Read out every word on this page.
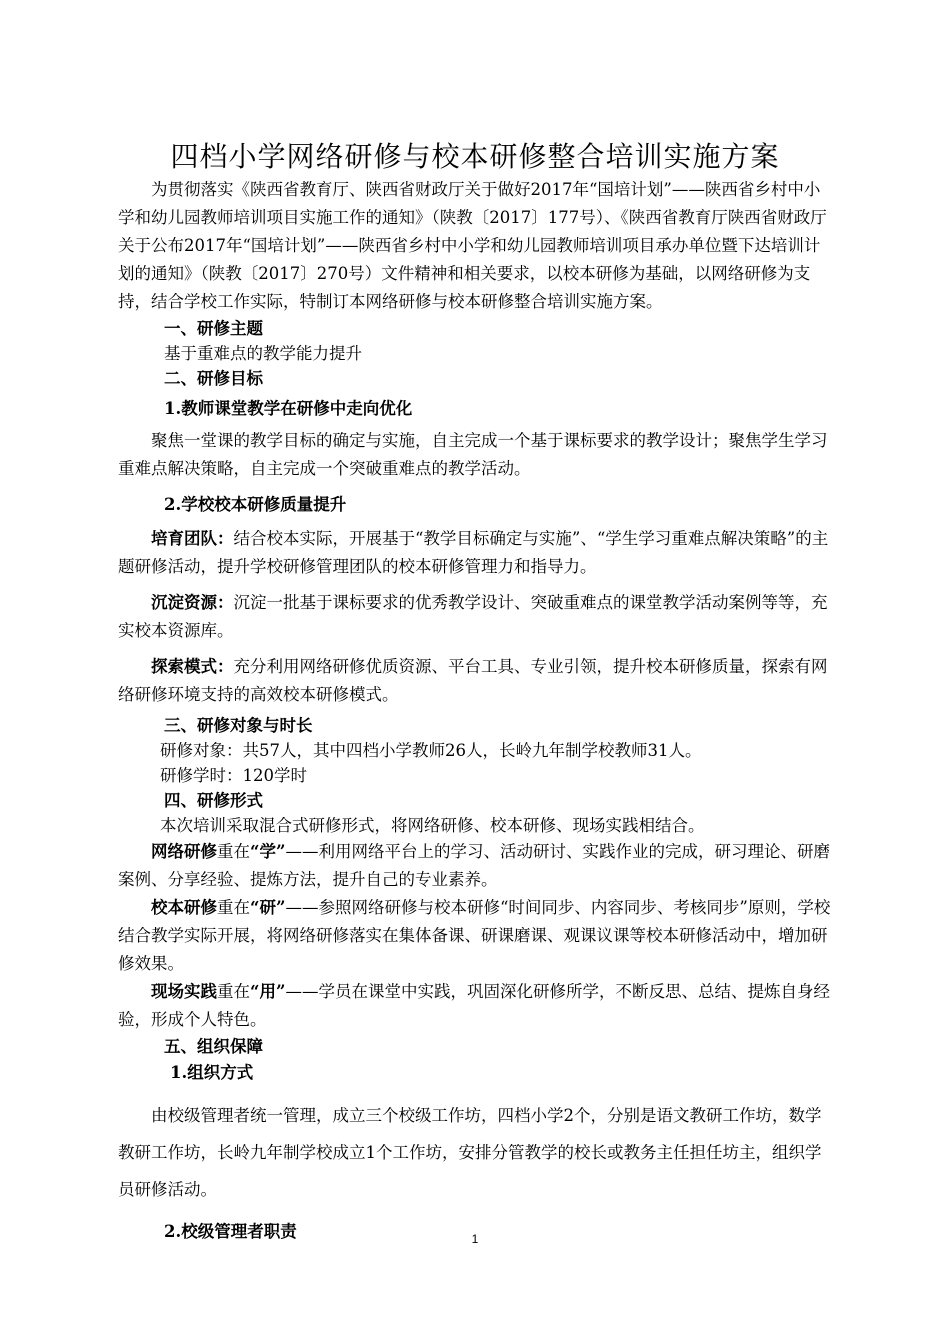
四档小学网络研修与校本研修整合培训实施方案

为贯彻落实《陕西省教育厅、陕西省财政厅关于做好2017年“国培计划”——陕西省乡村中小学和幼儿园教师培训项目实施工作的通知》（陕教〔2017〕177号）、《陕西省教育厅陕西省财政厅关于公布2017年“国培计划”——陕西省乡村中小学和幼儿园教师培训项目承办单位暨下达培训计划的通知》（陕教〔2017〕270号）文件精神和相关要求，以校本研修为基础，以网络研修为支持，结合学校工作实际，特制订本网络研修与校本研修整合培训实施方案。

一、研修主题

基于重难点的教学能力提升

二、研修目标

1.教师课堂教学在研修中走向优化

聚焦一堂课的教学目标的确定与实施，自主完成一个基于课标要求的教学设计；聚焦学生学习重难点解决策略，自主完成一个突破重难点的教学活动。

2.学校校本研修质量提升

培育团队：结合校本实际，开展基于“教学目标确定与实施”、“学生学习重难点解决策略”的主题研修活动，提升学校研修管理团队的校本研修管理力和指导力。

沉淀资源：沉淀一批基于课标要求的优秀教学设计、突破重难点的课堂教学活动案例等等，充实校本资源库。

探索模式：充分利用网络研修优质资源、平台工具、专业引领，提升校本研修质量，探索有网络研修环境支持的高效校本研修模式。

三、研修对象与时长

研修对象：共57人，其中四档小学教师26人，长岭九年制学校教师31人。

研修学时：120学时

四、研修形式

本次培训采取混合式研修形式，将网络研修、校本研修、现场实践相结合。

网络研修重在“学”——利用网络平台上的学习、活动研讨、实践作业的完成，研习理论、研磨案例、分享经验、提炼方法，提升自己的专业素养。

校本研修重在“研”——参照网络研修与校本研修“时间同步、内容同步、考核同步”原则，学校结合教学实际开展，将网络研修落实在集体备课、研课磨课、观课议课等校本研修活动中，增加研修效果。

现场实践重在“用”——学员在课堂中实践，巩固深化研修所学，不断反思、总结、提炼自身经验，形成个人特色。

五、组织保障

1.组织方式

由校级管理者统一管理，成立三个校级工作坊，四档小学2个，分别是语文教研工作坊，数学教研工作坊，长岭九年制学校成立1个工作坊，安排分管教学的校长或教务主任担任坊主，组织学员研修活动。

2.校级管理者职责	1
